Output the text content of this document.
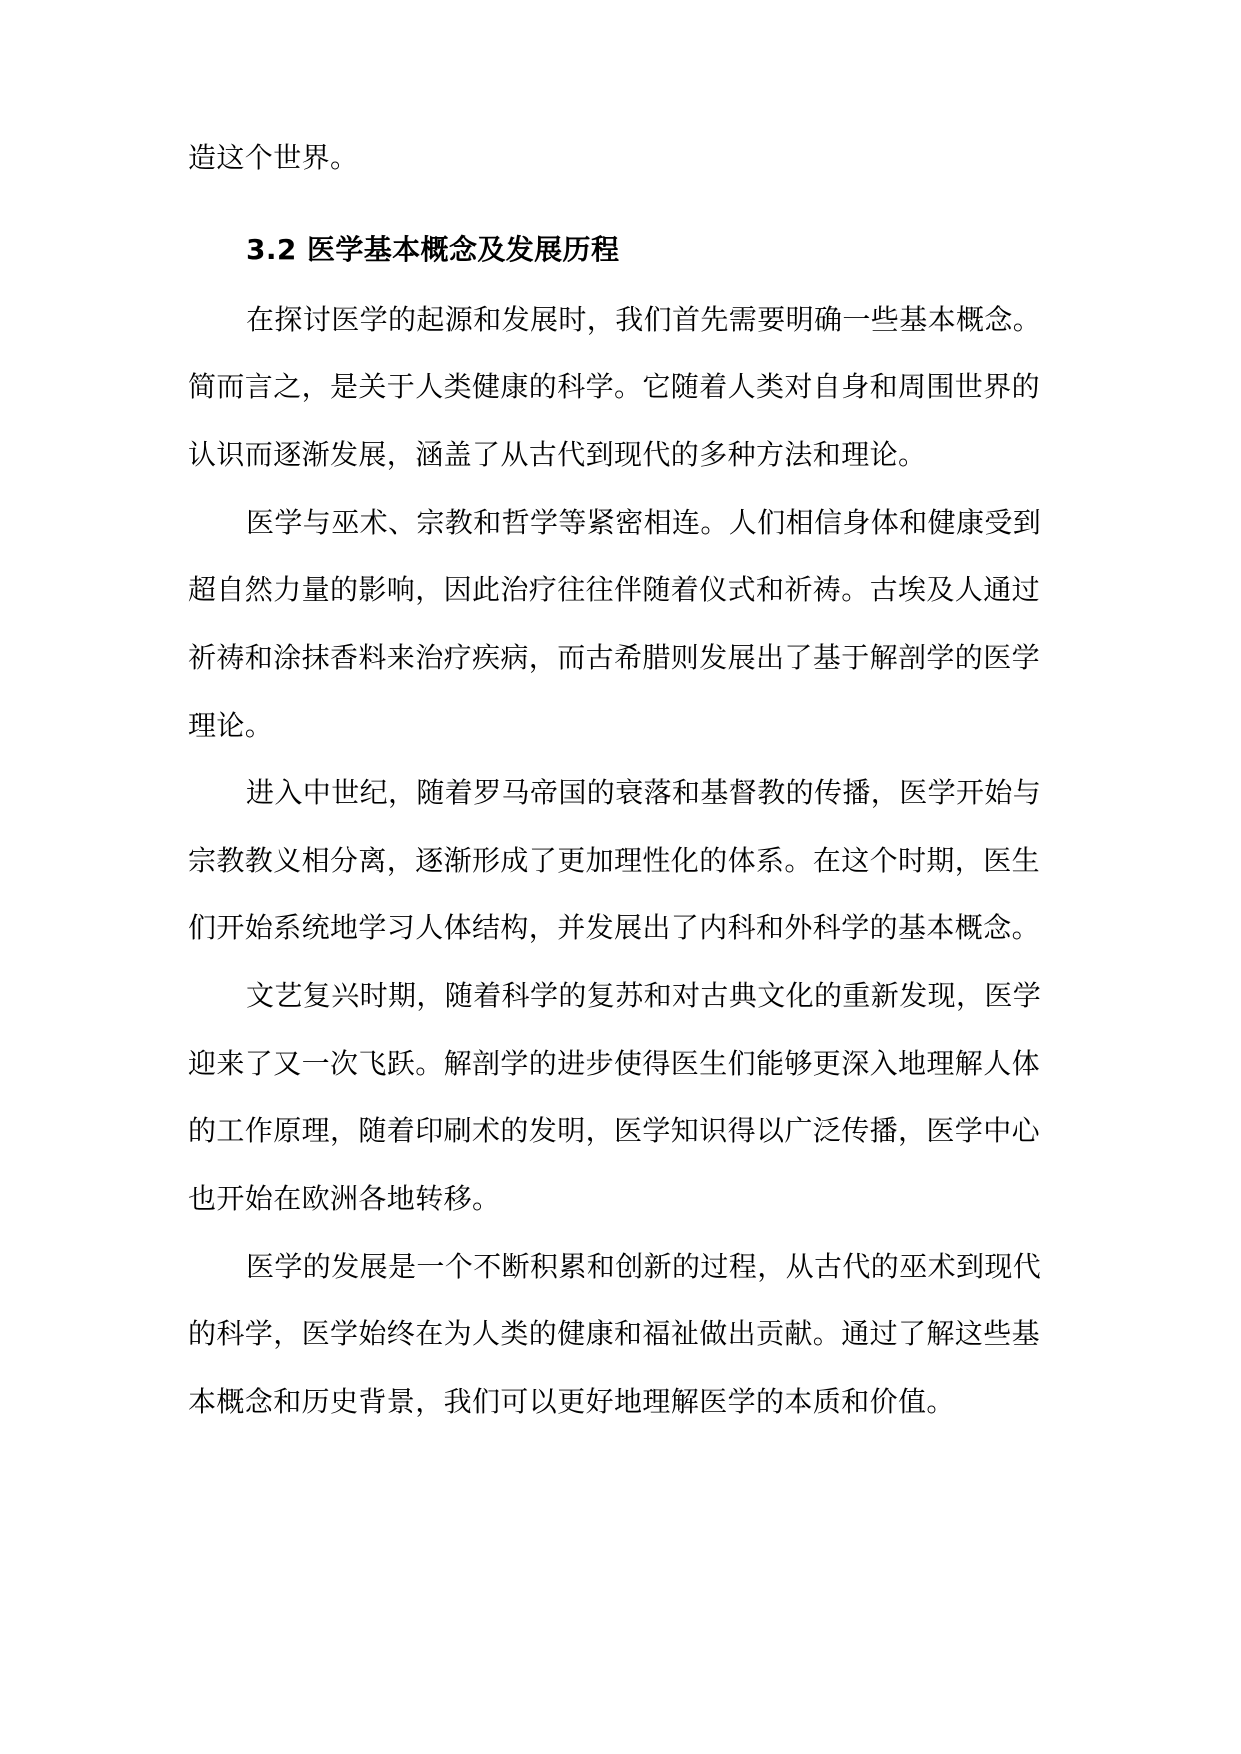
造这个世界。
3.2 医学基本概念及发展历程
在探讨医学的起源和发展时，我们首先需要明确一些基本概念。
简而言之，是关于人类健康的科学。它随着人类对自身和周围世界的
认识而逐渐发展，涵盖了从古代到现代的多种方法和理论。
医学与巫术、宗教和哲学等紧密相连。人们相信身体和健康受到
超自然力量的影响，因此治疗往往伴随着仪式和祈祷。古埃及人通过
祈祷和涂抹香料来治疗疾病，而古希腊则发展出了基于解剖学的医学
理论。
进入中世纪，随着罗马帝国的衰落和基督教的传播，医学开始与
宗教教义相分离，逐渐形成了更加理性化的体系。在这个时期，医生
们开始系统地学习人体结构，并发展出了内科和外科学的基本概念。
文艺复兴时期，随着科学的复苏和对古典文化的重新发现，医学
迎来了又一次飞跃。解剖学的进步使得医生们能够更深入地理解人体
的工作原理，随着印刷术的发明，医学知识得以广泛传播，医学中心
也开始在欧洲各地转移。
医学的发展是一个不断积累和创新的过程，从古代的巫术到现代
的科学，医学始终在为人类的健康和福祉做出贡献。通过了解这些基
本概念和历史背景，我们可以更好地理解医学的本质和价值。
